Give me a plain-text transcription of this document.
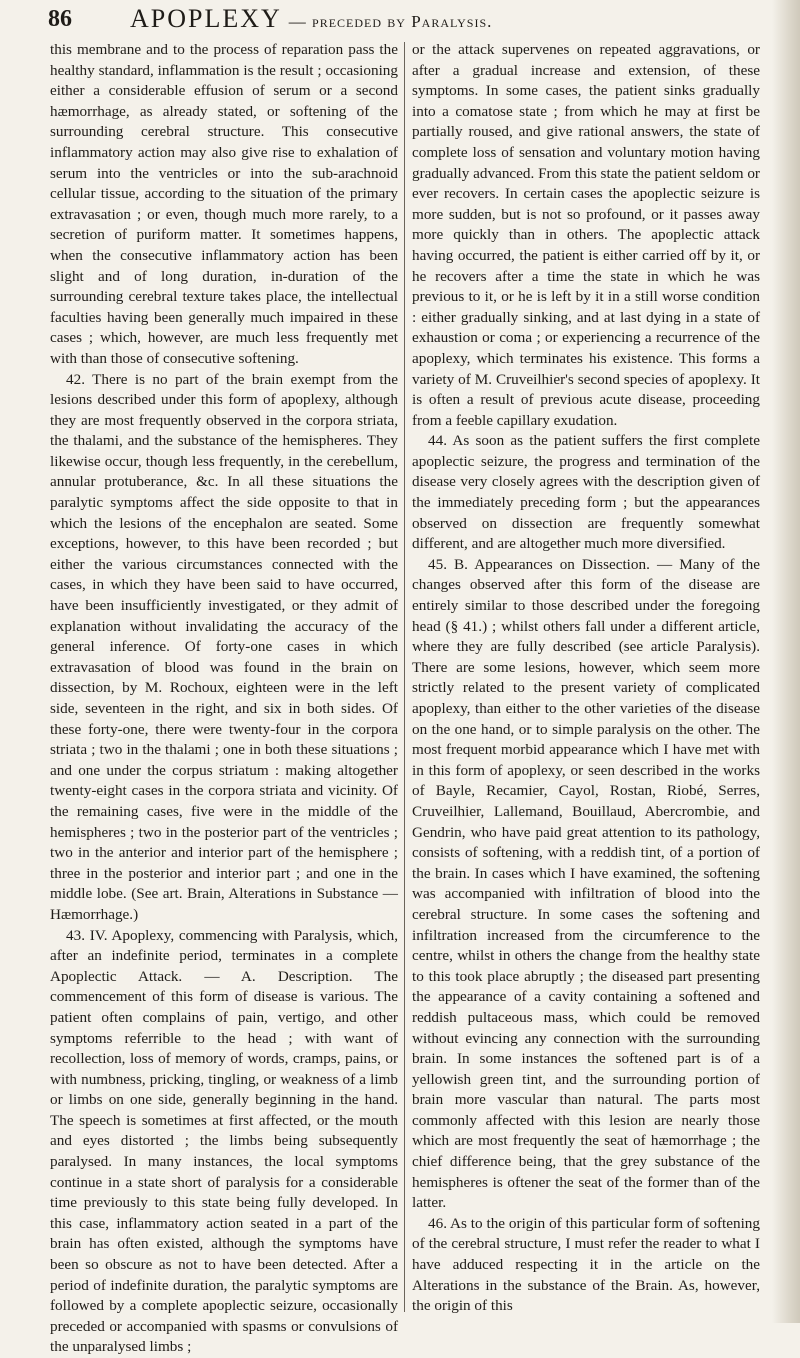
86 APOPLEXY — preceded by Paralysis.

this membrane and to the process of reparation pass the healthy standard, inflammation is the result ; occasioning either a considerable effusion of serum or a second hæmorrhage, as already stated, or softening of the surrounding cerebral structure. This consecutive inflammatory action may also give rise to exhalation of serum into the ventricles or into the sub-arachnoid cellular tissue, according to the situation of the primary extravasation ; or even, though much more rarely, to a secretion of puriform matter. It sometimes happens, when the consecutive inflammatory action has been slight and of long duration, in-duration of the surrounding cerebral texture takes place, the intellectual faculties having been generally much impaired in these cases ; which, however, are much less frequently met with than those of consecutive softening.

42. There is no part of the brain exempt from the lesions described under this form of apoplexy, although they are most frequently observed in the corpora striata, the thalami, and the substance of the hemispheres. They likewise occur, though less frequently, in the cerebellum, annular protuberance, &c. In all these situations the paralytic symptoms affect the side opposite to that in which the lesions of the encephalon are seated. Some exceptions, however, to this have been recorded ; but either the various circumstances connected with the cases, in which they have been said to have occurred, have been insufficiently investigated, or they admit of explanation without invalidating the accuracy of the general inference. Of forty-one cases in which extravasation of blood was found in the brain on dissection, by M. Rochoux, eighteen were in the left side, seventeen in the right, and six in both sides. Of these forty-one, there were twenty-four in the corpora striata ; two in the thalami ; one in both these situations ; and one under the corpus striatum : making altogether twenty-eight cases in the corpora striata and vicinity. Of the remaining cases, five were in the middle of the hemispheres ; two in the posterior part of the ventricles ; two in the anterior and interior part of the hemisphere ; three in the posterior and interior part ; and one in the middle lobe. (See art. Brain, Alterations in Substance — Hæmorrhage.)

43. IV. Apoplexy, commencing with Paralysis, which, after an indefinite period, terminates in a complete Apoplectic Attack. — A. Description. The commencement of this form of disease is various. The patient often complains of pain, vertigo, and other symptoms referrible to the head ; with want of recollection, loss of memory of words, cramps, pains, or with numbness, pricking, tingling, or weakness of a limb or limbs on one side, generally beginning in the hand. The speech is sometimes at first affected, or the mouth and eyes distorted ; the limbs being subsequently paralysed. In many instances, the local symptoms continue in a state short of paralysis for a considerable time previously to this state being fully developed. In this case, inflammatory action seated in a part of the brain has often existed, although the symptoms have been so obscure as not to have been detected. After a period of indefinite duration, the paralytic symptoms are followed by a complete apoplectic seizure, occasionally preceded or accompanied with spasms or convulsions of the unparalysed limbs ;

or the attack supervenes on repeated aggravations, or after a gradual increase and extension, of these symptoms. In some cases, the patient sinks gradually into a comatose state ; from which he may at first be partially roused, and give rational answers, the state of complete loss of sensation and voluntary motion having gradually advanced. From this state the patient seldom or ever recovers. In certain cases the apoplectic seizure is more sudden, but is not so profound, or it passes away more quickly than in others. The apoplectic attack having occurred, the patient is either carried off by it, or he recovers after a time the state in which he was previous to it, or he is left by it in a still worse condition : either gradually sinking, and at last dying in a state of exhaustion or coma ; or experiencing a recurrence of the apoplexy, which terminates his existence. This forms a variety of M. Cruveilhier's second species of apoplexy. It is often a result of previous acute disease, proceeding from a feeble capillary exudation.

44. As soon as the patient suffers the first complete apoplectic seizure, the progress and termination of the disease very closely agrees with the description given of the immediately preceding form ; but the appearances observed on dissection are frequently somewhat different, and are altogether much more diversified.

45. B. Appearances on Dissection. — Many of the changes observed after this form of the disease are entirely similar to those described under the foregoing head (§ 41.) ; whilst others fall under a different article, where they are fully described (see article Paralysis). There are some lesions, however, which seem more strictly related to the present variety of complicated apoplexy, than either to the other varieties of the disease on the one hand, or to simple paralysis on the other. The most frequent morbid appearance which I have met with in this form of apoplexy, or seen described in the works of Bayle, Recamier, Cayol, Rostan, Riobé, Serres, Cruveilhier, Lallemand, Bouillaud, Abercrombie, and Gendrin, who have paid great attention to its pathology, consists of softening, with a reddish tint, of a portion of the brain. In cases which I have examined, the softening was accompanied with infiltration of blood into the cerebral structure. In some cases the softening and infiltration increased from the circumference to the centre, whilst in others the change from the healthy state to this took place abruptly ; the diseased part presenting the appearance of a cavity containing a softened and reddish pultaceous mass, which could be removed without evincing any connection with the surrounding brain. In some instances the softened part is of a yellowish green tint, and the surrounding portion of brain more vascular than natural. The parts most commonly affected with this lesion are nearly those which are most frequently the seat of hæmorrhage ; the chief difference being, that the grey substance of the hemispheres is oftener the seat of the former than of the latter.

46. As to the origin of this particular form of softening of the cerebral structure, I must refer the reader to what I have adduced respecting it in the article on the Alterations in the substance of the Brain. As, however, the origin of this
